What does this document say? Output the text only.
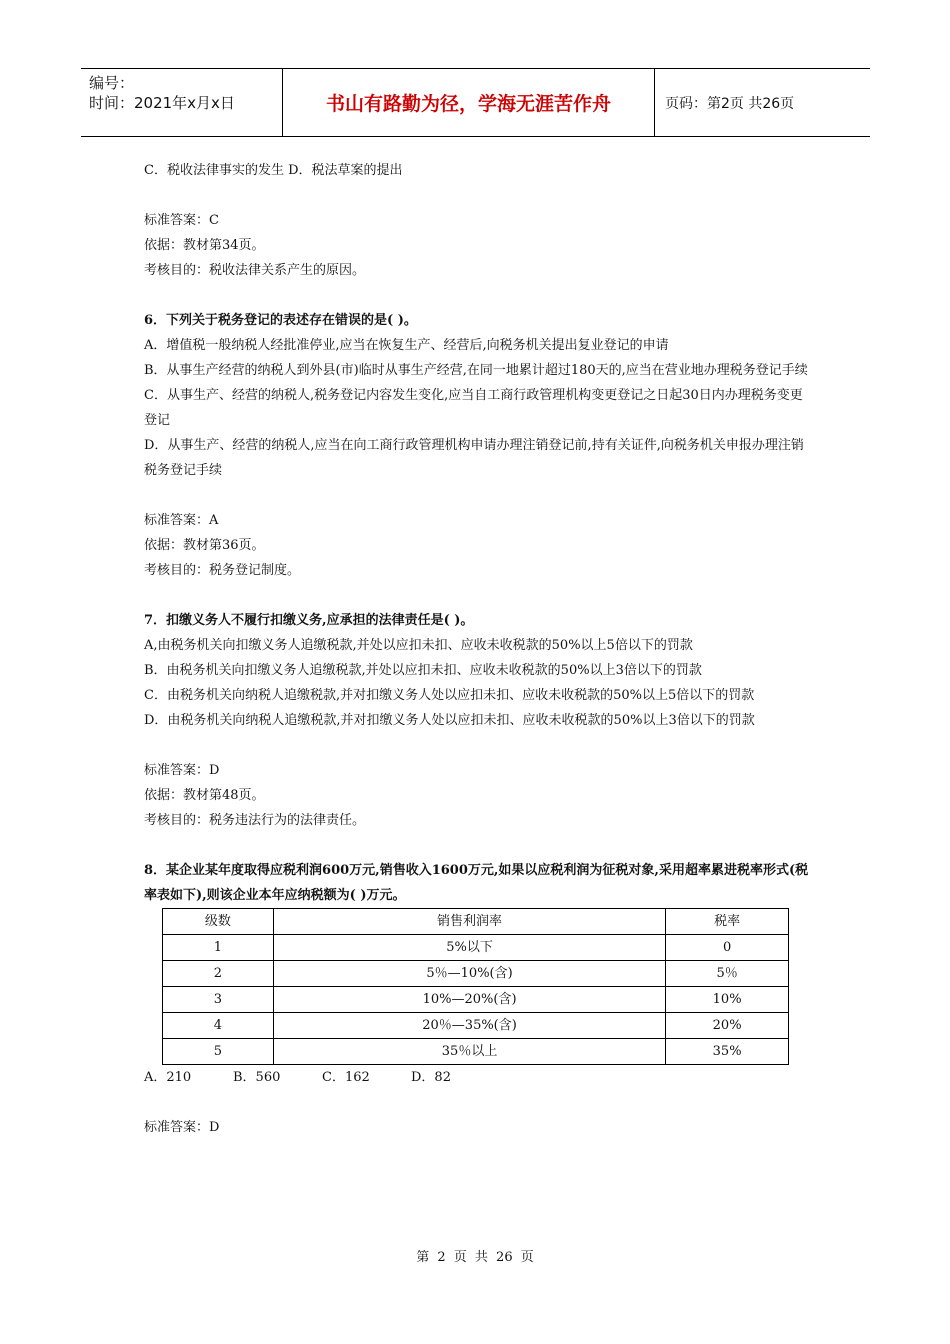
编号：
时间：2021年x月x日	书山有路勤为径，学海无涯苦作舟	页码：第2页 共26页

C．税收法律事实的发生 D．税法草案的提出

标准答案：C

依据：教材第34页。

考核目的：税收法律关系产生的原因。

6．下列关于税务登记的表述存在错误的是( )。

A．增值税一般纳税人经批准停业,应当在恢复生产、经营后,向税务机关提出复业登记的申请

B．从事生产经营的纳税人到外县(市)临时从事生产经营,在同一地累计超过180天的,应当在营业地办理税务登记手续

C．从事生产、经营的纳税人,税务登记内容发生变化,应当自工商行政管理机构变更登记之日起30日内办理税务变更登记

D．从事生产、经营的纳税人,应当在向工商行政管理机构申请办理注销登记前,持有关证件,向税务机关申报办理注销税务登记手续

标准答案：A

依据：教材第36页。

考核目的：税务登记制度。

7．扣缴义务人不履行扣缴义务,应承担的法律责任是( )。

A,由税务机关向扣缴义务人追缴税款,并处以应扣未扣、应收未收税款的50%以上5倍以下的罚款

B．由税务机关向扣缴义务人追缴税款,并处以应扣未扣、应收未收税款的50%以上3倍以下的罚款

C．由税务机关向纳税人追缴税款,并对扣缴义务人处以应扣未扣、应收未收税款的50%以上5倍以下的罚款

D．由税务机关向纳税人追缴税款,并对扣缴义务人处以应扣未扣、应收未收税款的50%以上3倍以下的罚款

标准答案：D

依据：教材第48页。

考核目的：税务违法行为的法律责任。

8．某企业某年度取得应税利润600万元,销售收入1600万元,如果以应税利润为征税对象,采用超率累进税率形式(税率表如下),则该企业本年应纳税额为( )万元。

级数	销售利润率	税率
1	5%以下	0
2	5％—10%(含)	5％
3	10%—20%(含)	10%
4	20％—35%(含)	20%
5	35％以上	35%

A．210	B．560	C．162	D．82

标准答案：D

第 2 页 共 26 页
